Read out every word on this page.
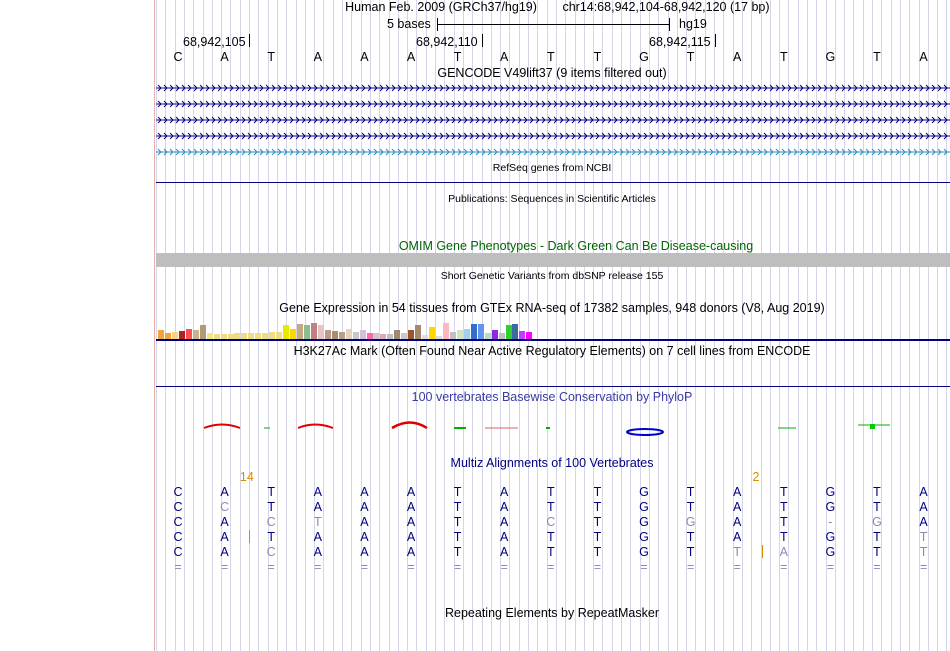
Human Feb. 2009 (GRCh37/hg19) chr14:68,942,104-68,942,120 (17 bp)
5 bases	hg19
68,942,105	68,942,110	68,942,115
C	A	T	A	A	A	T	A	T	T	G	T	A	T	G	T	A
GENCODE V49lift37 (9 items filtered out)
RefSeq genes from NCBI
Publications: Sequences in Scientific Articles
OMIM Gene Phenotypes - Dark Green Can Be Disease-causing
Short Genetic Variants from dbSNP release 155
Gene Expression in 54 tissues from GTEx RNA-seq of 17382 samples, 948 donors (V8, Aug 2019)
H3K27Ac Mark (Often Found Near Active Regulatory Elements) on 7 cell lines from ENCODE
100 vertebrates Basewise Conservation by PhyloP
Multiz Alignments of 100 Vertebrates
C	A	T	A	A	A	T	A	T	T	G	T	A	T	G	T	A
C	C	T	A	A	A	T	A	T	T	G	T	A	T	G	T	A
C	A	C	T	A	A	T	A	C	T	G	G	A	T	-	G	A
C	A	T	A	A	A	T	A	T	T	G	T	A	T	G	T	T
C	A	C	A	A	A	T	A	T	T	G	T	T	A	G	T	T
=	=	=	=	=	=	=	=	=	=	=	=	=	=	=	=	=
14	2
Repeating Elements by RepeatMasker
